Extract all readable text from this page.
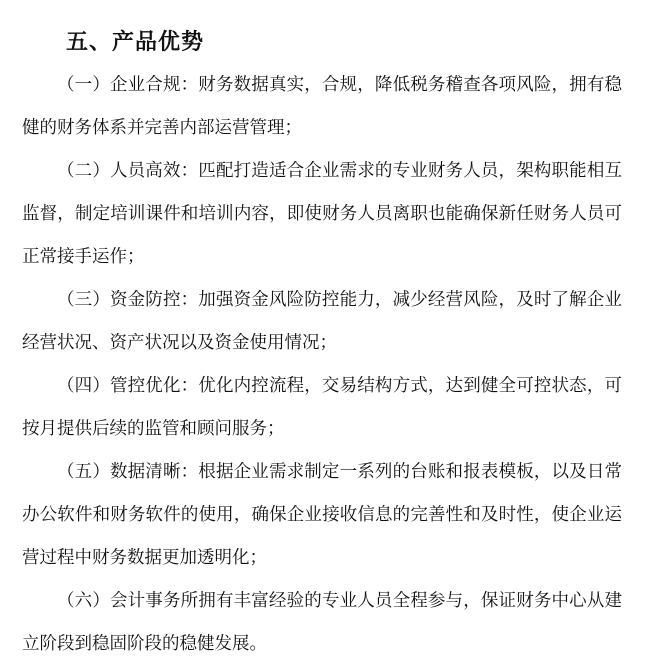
五、产品优势

（一）企业合规：财务数据真实，合规，降低税务稽查各项风险，拥有稳健的财务体系并完善内部运营管理；

（二）人员高效：匹配打造适合企业需求的专业财务人员，架构职能相互监督，制定培训课件和培训内容，即使财务人员离职也能确保新任财务人员可正常接手运作；

（三）资金防控：加强资金风险防控能力，减少经营风险，及时了解企业经营状况、资产状况以及资金使用情况；

（四）管控优化：优化内控流程，交易结构方式，达到健全可控状态，可按月提供后续的监管和顾问服务；

（五）数据清晰：根据企业需求制定一系列的台账和报表模板，以及日常办公软件和财务软件的使用，确保企业接收信息的完善性和及时性，使企业运营过程中财务数据更加透明化；

（六）会计事务所拥有丰富经验的专业人员全程参与，保证财务中心从建立阶段到稳固阶段的稳健发展。
